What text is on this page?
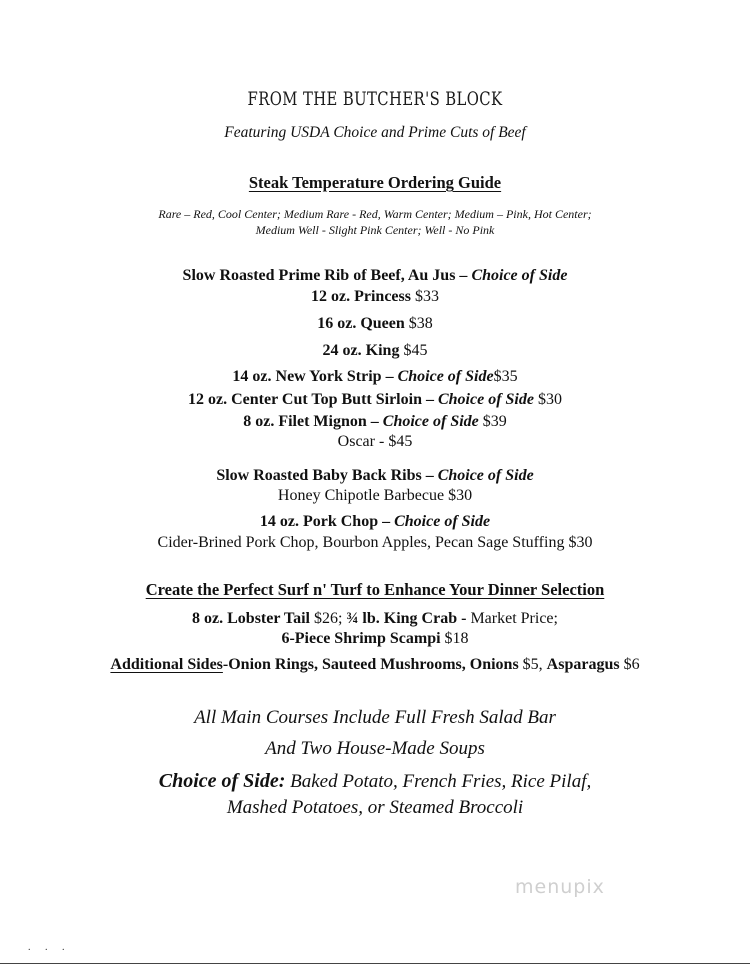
FROM THE BUTCHER'S BLOCK
Featuring USDA Choice and Prime Cuts of Beef
Steak Temperature Ordering Guide
Rare – Red, Cool Center; Medium Rare - Red, Warm Center; Medium – Pink, Hot Center;
Medium Well - Slight Pink Center; Well - No Pink
Slow Roasted Prime Rib of Beef, Au Jus – Choice of Side
12 oz. Princess $33
16 oz. Queen $38
24 oz. King $45
14 oz. New York Strip – Choice of Side$35
12 oz. Center Cut Top Butt Sirloin – Choice of Side $30
8 oz. Filet Mignon – Choice of Side $39
Oscar - $45
Slow Roasted Baby Back Ribs – Choice of Side
Honey Chipotle Barbecue $30
14 oz. Pork Chop – Choice of Side
Cider-Brined Pork Chop, Bourbon Apples, Pecan Sage Stuffing $30
Create the Perfect Surf n' Turf to Enhance Your Dinner Selection
8 oz. Lobster Tail $26; ¾ lb. King Crab - Market Price;
6-Piece Shrimp Scampi $18
Additional Sides-Onion Rings, Sauteed Mushrooms, Onions $5, Asparagus $6
All Main Courses Include Full Fresh Salad Bar
And Two House-Made Soups
Choice of Side: Baked Potato, French Fries, Rice Pilaf,
Mashed Potatoes, or Steamed Broccoli
menupix
. . .
